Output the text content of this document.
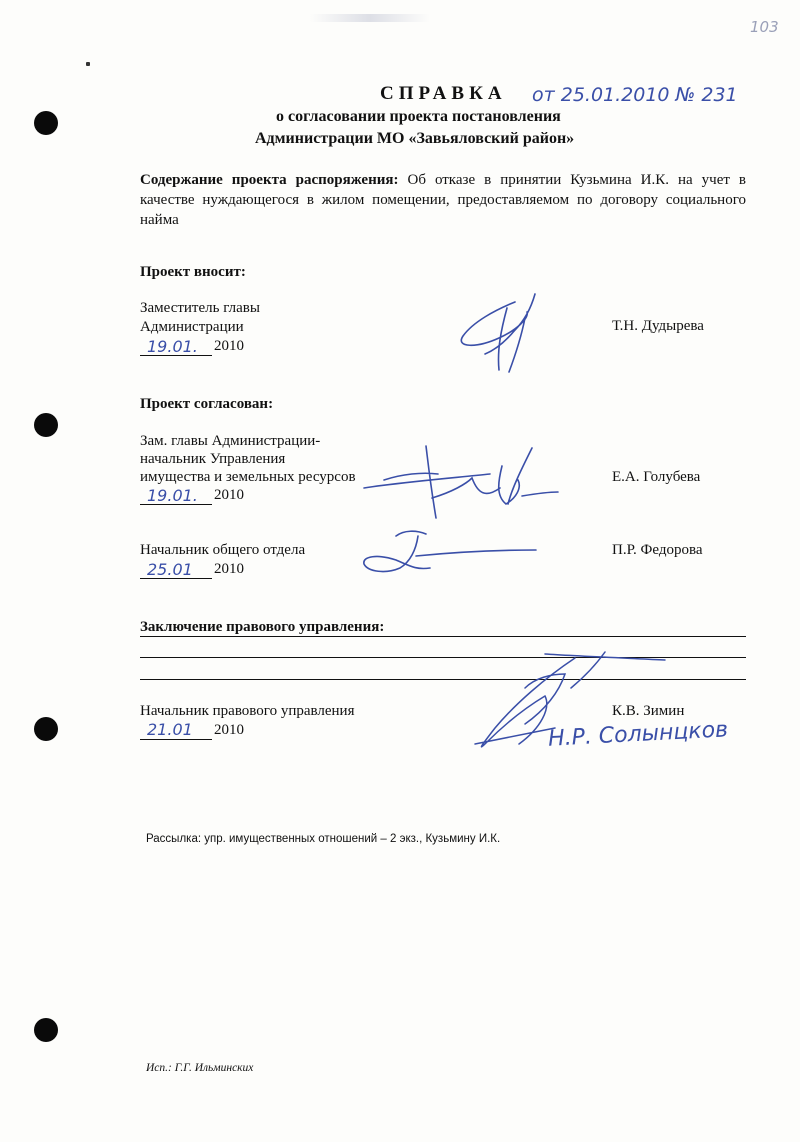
103
СПРАВКА от 25.01.2010 № 231
о согласовании проекта постановления
Администрации МО «Завьяловский район»
Содержание проекта распоряжения: Об отказе в принятии Кузьмина И.К. на учет в качестве нуждающегося в жилом помещении, предоставляемом по договору социального найма
Проект вносит:
Заместитель главы
Администрации
19.01. 2010
Т.Н. Дудырева
Проект согласован:
Зам. главы Администрации-
начальник Управления
имущества и земельных ресурсов
19.01. 2010
Е.А. Голубева
Начальник общего отдела
25.01 2010
П.Р. Федорова
Заключение правового управления:
Начальник правового управления
21.01 2010
К.В. Зимин
Н.Р. Солынцков
Рассылка: упр. имущественных отношений – 2 экз., Кузьмину И.К.
Исп.: Г.Г. Ильминских
